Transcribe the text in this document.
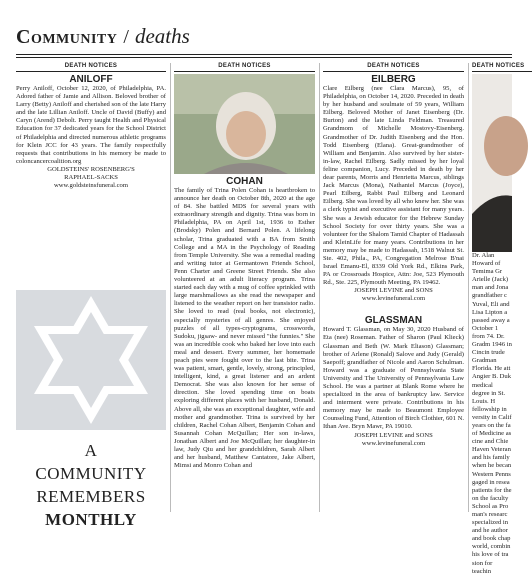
Community / deaths
DEATH NOTICES
ANILOFF

Perry Aniloff, October 12, 2020, of Philadelphia, PA. Adored father of Jamie and Allison. Beloved brother of Larry (Betty) Aniloff and cherished son of the late Harry and the late Lillian Aniloff. Uncle of David (Buffy) and Caryn (Arend) Debolt. Perry taught Health and Physical Education for 37 dedicated years for the School District of Philadelphia and directed numerous athletic programs for Klein JCC for 43 years. The family respectfully requests that contributions in his memory be made to coloncancercoalition.org

GOLDSTEINS' ROSENBERG'S

RAPHAEL-SACKS

www.goldsteinsfuneral.com

A
COMMUNITY
REMEMBERS
MONTHLY
DEATH NOTICES
COHAN

The family of Trina Polen Cohan is heartbroken to announce her death on October 8th, 2020 at the age of 84. She battled MDS for several years with extraordinary strength and dignity. Trina was born in Philadelphia, PA on April 1st, 1936 to Esther (Brodsky) Polen and Bernard Polen. A lifelong scholar, Trina graduated with a BA from Smith College and a MA in the Psychology of Reading from Temple University. She was a remedial reading and writing tutor at Germantown Friends School, Penn Charter and Greene Street Friends. She also volunteered at an adult literacy program. Trina started each day with a mug of coffee sprinkled with large marshmallows as she read the newspaper and listened to the weather report on her transistor radio. She loved to read (real books, not electronic), especially mysteries of all genres. She enjoyed puzzles of all types-cryptograms, crosswords, Sudoku, jigsaw- and never missed "the funnies." She was an incredible cook who baked her love into each meal and dessert. Every summer, her homemade peach pies were fought over to the last bite. Trina was patient, smart, gentle, lovely, strong, principled, intelligent, kind, a great listener and an ardent Democrat. She was also known for her sense of direction. She loved spending time on boats exploring different places with her husband, Donald. Above all, she was an exceptional daughter, wife and mother and grandmother. Trina is survived by her children, Rachel Cohan Albert, Benjamin Cohan and Susannah Cohan McQuillan; Her son in-laws, Jonathan Albert and Joe McQuillan; her daughter-in law, Judy Qiu and her grandchildren, Sarah Albert and her husband, Matthew Cantatore, Jake Albert, Mimsi and Monro Cohan and

DEATH NOTICES
EILBERG

Clare Eilberg (nee Clara Marcus), 95, of Philadelphia, on October 14, 2020. Preceded in death by her husband and soulmate of 59 years, William Eilberg. Beloved Mother of Janet Eisenberg (Dr. Burton) and the late Linda Feldman. Treasured Grandmom of Michelle Mostovy-Eisenberg. Grandmother of Dr. Judith Eisenberg and the Hon. Todd Eisenberg (Elana). Great-grandmother of William and Benjamin. Also survived by her sister-in-law, Rachel Eilberg. Sadly missed by her loyal feline companion, Lucy. Preceded in death by her dear parents, Morris and Henrietta Marcus, siblings Jack Marcus (Mona), Nathaniel Marcus (Joyce), Pearl Eilberg, Rabbi Paul Eilberg and Leonard Eilberg. She was loved by all who knew her. She was a clerk typist and executive assistant for many years. She was a Jewish educator for the Hebrew Sunday School Society for over thirty years. She was a volunteer for the Shalom Tamid Chapter of Hadassah and KleinLife for many years. Contributions in her memory may be made to Hadassah, 1518 Walnut St. Ste. 402, Phila., PA, Congregation Melrose B'nai Israel Emanu-El, 8339 Old York Rd., Elkins Park, PA or Crossroads Hospice, Attn: Joe, 523 Plymouth Rd., Ste. 225, Plymouth Meeting, PA 19462.

JOSEPH LEVINE and SONS

www.levinefuneral.com

GLASSMAN

Howard T. Glassman, on May 30, 2020 Husband of Eta (nee) Roseman. Father of Sharon (Paul Klieck) Glassman and Beth (W. Mark Eliason) Glassman; brother of Arlene (Ronald) Salove and Judy (Gerald) Saepoff; grandfather of Nicole and Aaron Schulman. Howard was a graduate of Pennsylvania State University and The University of Pennsylvania Law School. He was a partner at Blank Rome where he specialized in the area of bankruptcy law. Service and interment were private. Contributions in his memory may be made to Beaumont Employee Counseling Fund, Attention of Birch Clothier, 601 N. Ithan Ave. Bryn Mawr, PA 19010.

JOSEPH LEVINE and SONS

www.levinefuneral.com

DEATH NOTICES

Dr. Alan Howard of Temima Gr Arielle (Jack) man and Jona grandfather c Yuval, Eli and Lisa Lipton a passed away a October 1 from 74. Dr. Gradm 1946 in Cincin trude Gradman Florida. He att Angier B. Duk medical degree in St. Louis. H fellowship in versity in Calif years on the fa of Medicine as cine and Chie Haven Veteran and his family when he becan Western Penns gaged in resea patients for the on the faculty School as Pro man's researc specialized in and he author and book chap world, combin his love of tra sion for teachin
